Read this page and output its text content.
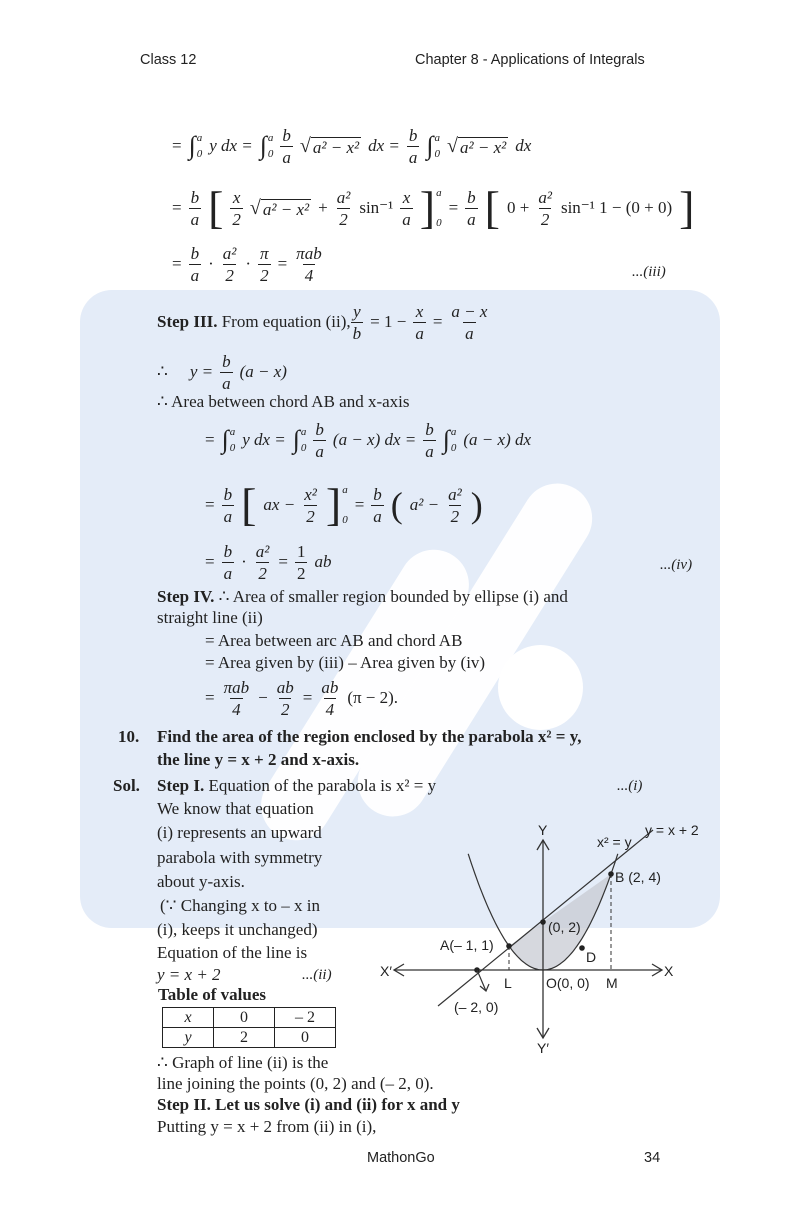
Class 12	Chapter 8 - Applications of Integrals
= ∫ a
0 y dx = ∫ a
$0 \frac{b}{a}$ √ a² − x² dx = $\frac{b}{a}$ ∫ a
0 √ a² − x² dx
= $\frac{b}{a}$ [ $\frac{x}{2}$ √ $a^2 - x^2 + \frac{\text{a²}}{2} \sin^{-1} \frac{x}{a}$ ] a
0
= $\frac{b}{a}$ [ $0 + \frac{\text{a²}}{2} \sin^{-1}$ 1 − (0 + 0) ]
= $\frac{b}{a} \cdot \frac{\text{a²}}{2} \cdot \frac{\pi}{2}$ =
πab
4	...(iii)
Step III. From equation (ii), $\frac{y}{b} = 1 - \frac{x}{a} = \frac{a - x}{a}$
∴ $y = \frac{b}{a} (a - x)$
∴ Area between chord AB and x-axis
= ∫ a
0 y dx = ∫ a
$0 \frac{b}{a} (a - x)$ dx = $\frac{b}{a}$ ∫ a
0 (a − x) dx
= $\frac{b}{a}$ [ ax − $\frac{\text{x²}}{2}$ ] a
0
= $\frac{b}{a}$ ( $a^2 - \frac{\text{a²}}{2}$ )
= $\frac{b}{a} \cdot \frac{\text{a²}}{2} = \frac{1}{2}$ ab	...(iv)
Step IV. ∴ Area of smaller region bounded by ellipse (i) and
straight line (ii)
= Area between arc AB and chord AB
= Area given by (iii) – Area given by (iv)
=
πab
4
− $\frac{ab}{2} = \frac{ab}{4} (\pi - 2)$.
10. Find the area of the region enclosed by the parabola x² = y,
the line y = x + 2 and x-axis.
Sol. Step I. Equation of the parabola is x² = y	...(i)
We know that equation
(i) represents an upward
parabola with symmetry
about y-axis.
(∵ Changing x to – x in
(i), keeps it unchanged)
Equation of the line is
y = x + 2	...(ii)
Table of values
x	0	– 2
y	2	0
∴ Graph of line (ii) is the
line joining the points (0, 2) and (– 2, 0).
Step II. Let us solve (i) and (ii) for x and y
Putting y = x + 2 from (ii) in (i),
Y
Y′
X
X′
x² = y
y = x + 2
B (2, 4)
A(– 1, 1)
(0, 2)
D
O(0, 0)
L	M
(– 2, 0)
MathonGo	34
